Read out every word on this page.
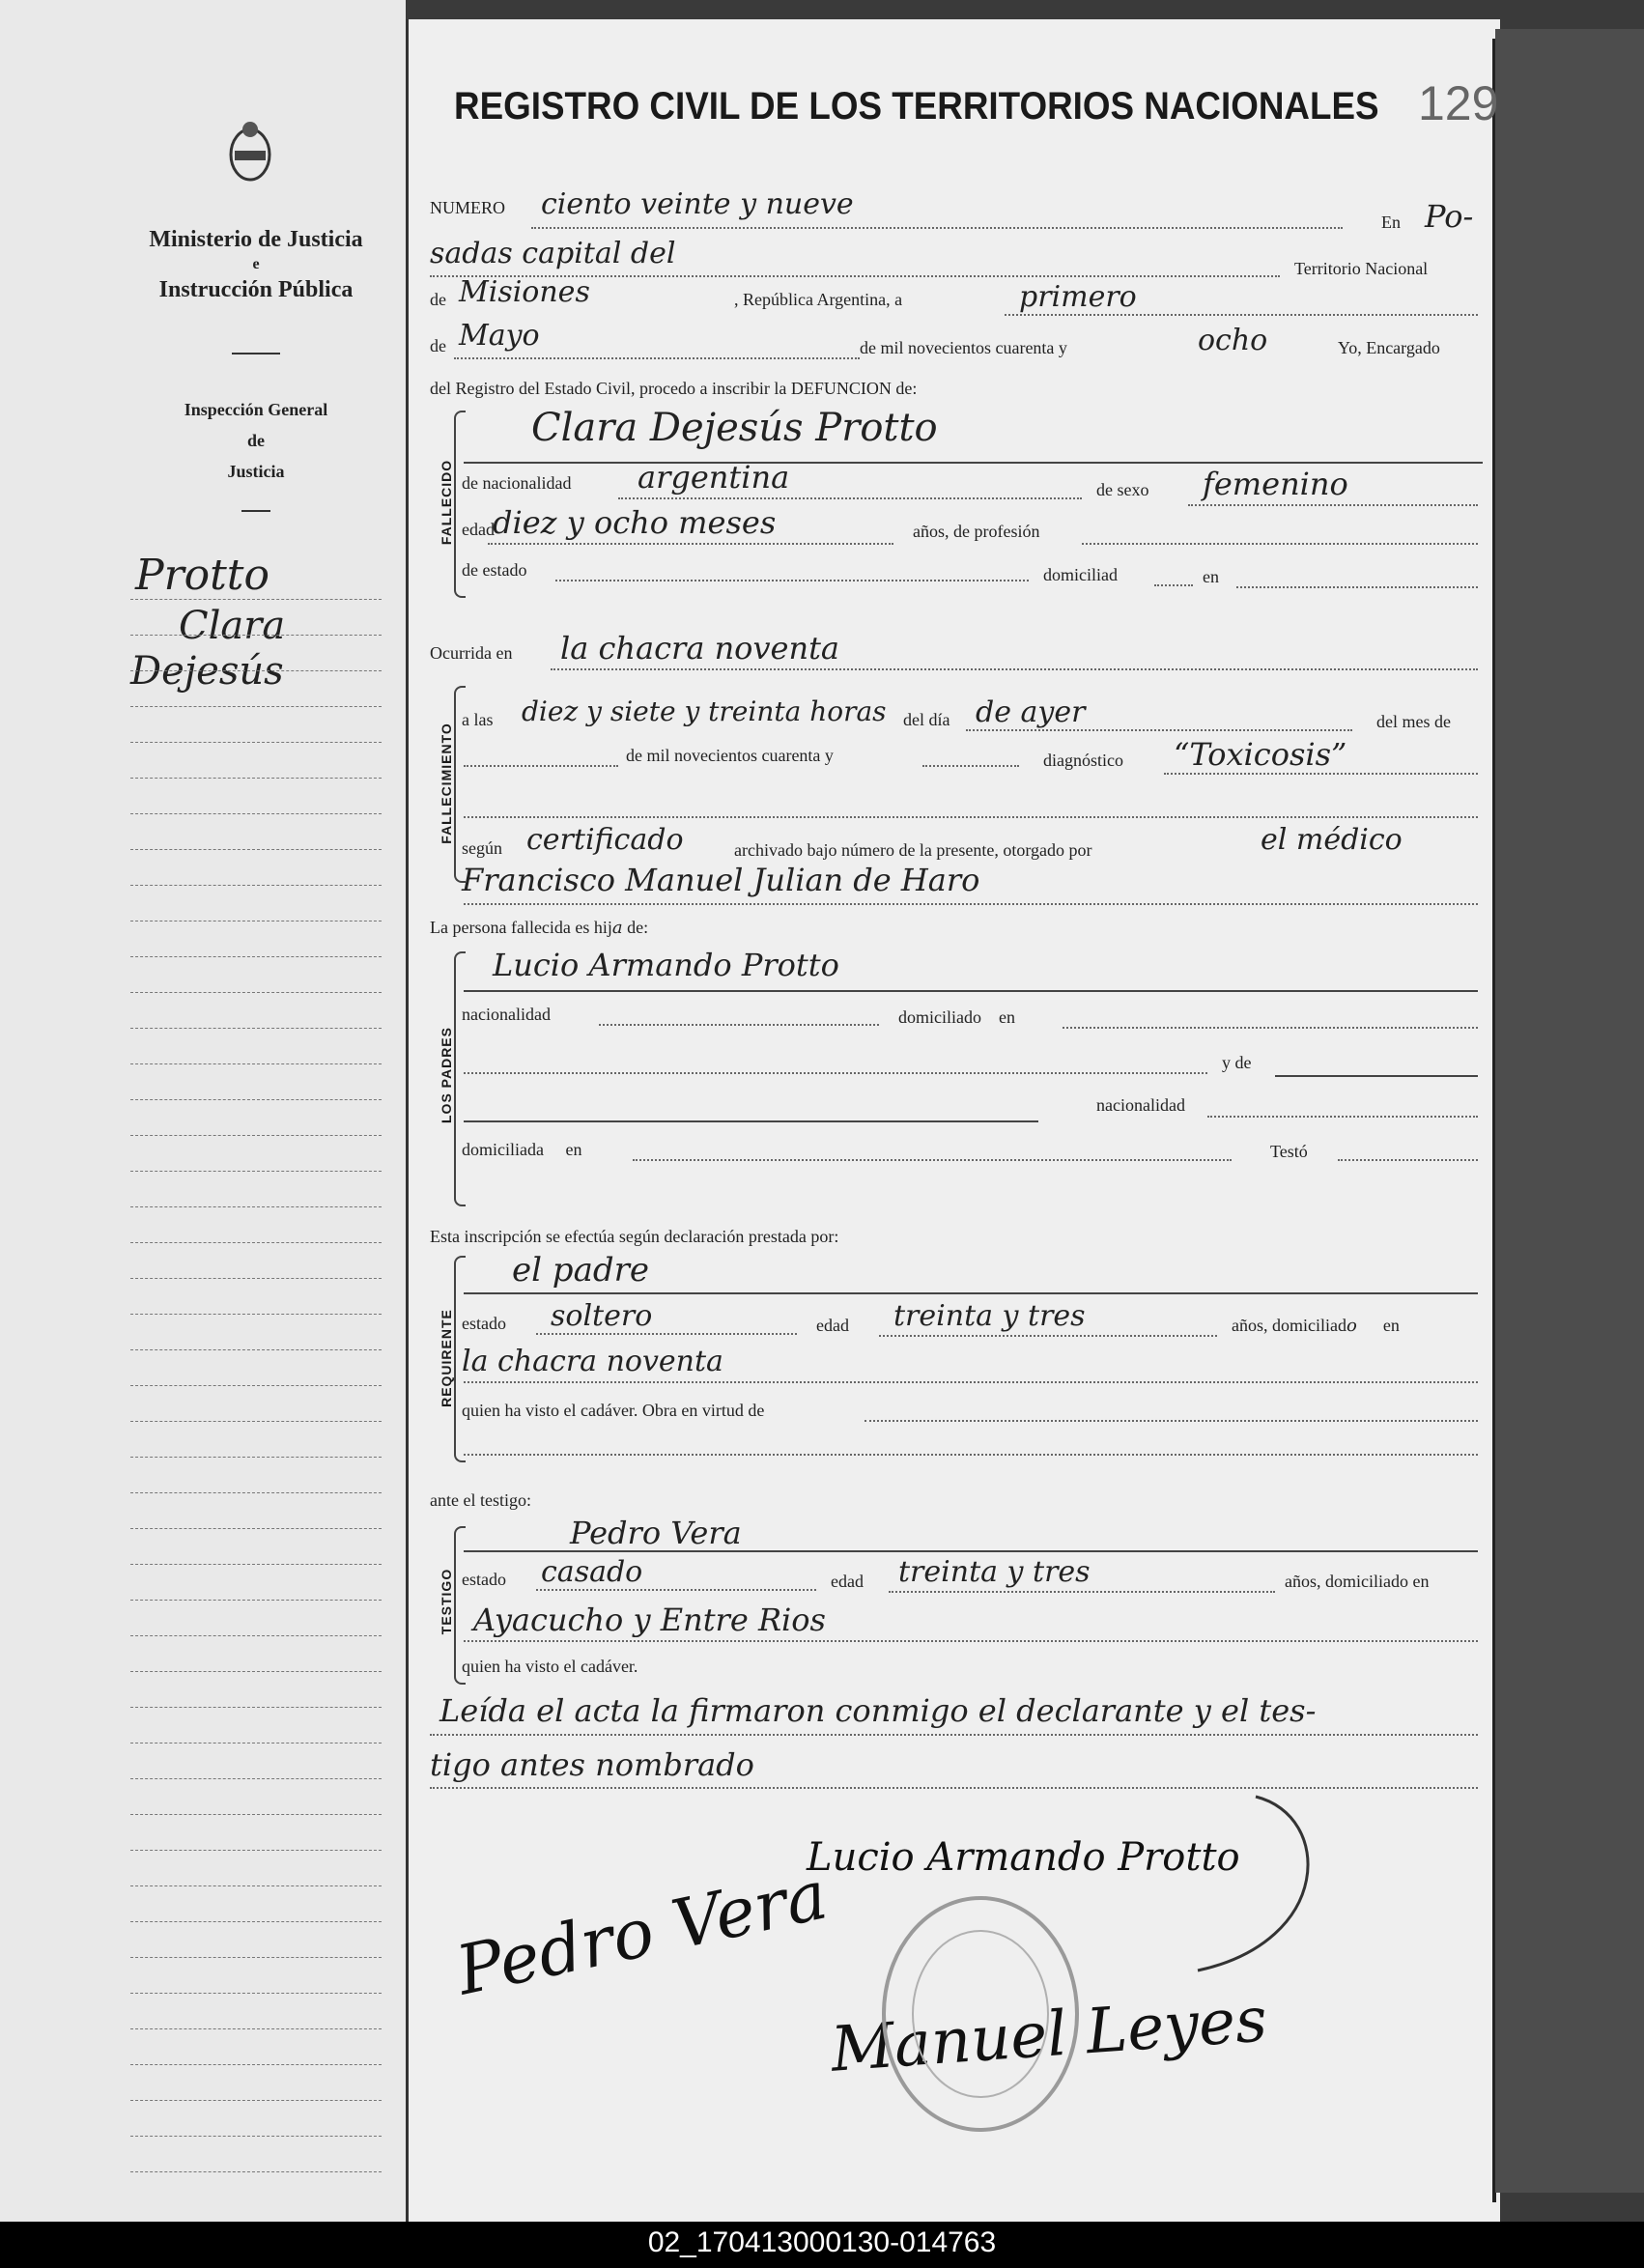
Ministerio de Justicia
e
Instrucción Pública
Inspección General
de
Justicia
Protto
Clara
Dejesús
REGISTRO CIVIL DE LOS TERRITORIOS NACIONALES 129
NUMERO ciento veinte y nueve
En Po-
sadas capital del	Territorio Nacional
de Misiones	, República Argentina, a	primero
de Mayo	de mil novecientos cuarenta y	ocho	Yo, Encargado
del Registro del Estado Civil, procedo a inscribir la DEFUNCION de:
FALLECIDO
Clara Dejesús Protto
de nacionalidad argentina	de sexo femenino
edad
diez y ocho meses	años, de profesión
de estado	domiciliad	en
Ocurrida en la chacra noventa
FALLECIMIENTO
a las diez y siete y treinta horas del día de ayer	del mes de
de mil novecientos cuarenta y	diagnóstico “Toxicosis”
según certificado	archivado bajo número de la presente, otorgado por	el médico
Francisco Manuel Julian de Haro
La persona fallecida es hija de:
LOS PADRES
Lucio Armando Protto
nacionalidad	domiciliado en
y de
nacionalidad
domiciliada en	Testó
Esta inscripción se efectúa según declaración prestada por:
REQUIRENTE
el padre
estado soltero	edad treinta y tres	años, domiciliado en
la chacra noventa
quien ha visto el cadáver. Obra en virtud de
ante el testigo:
TESTIGO
Pedro Vera
estado casado	edad treinta y tres	años, domiciliado en
Ayacucho y Entre Rios
quien ha visto el cadáver.
Leída el acta la firmaron conmigo el declarante y el tes-
tigo antes nombrado
Pedro Vera
Lucio Armando Protto
Manuel Leyes
02_170413000130-014763
